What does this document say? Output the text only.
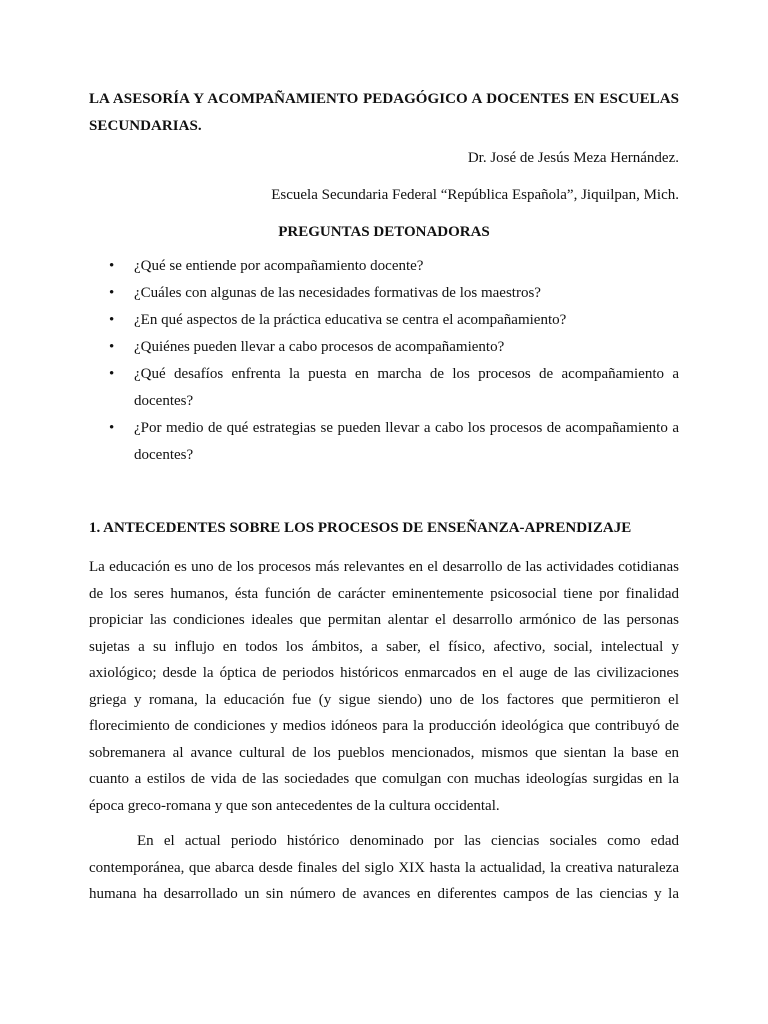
LA ASESORÍA Y ACOMPAÑAMIENTO PEDAGÓGICO A DOCENTES EN ESCUELAS SECUNDARIAS.
Dr. José de Jesús Meza Hernández.
Escuela Secundaria Federal “República Española”, Jiquilpan, Mich.
PREGUNTAS DETONADORAS
• ¿Qué se entiende por acompañamiento docente?
• ¿Cuáles con algunas de las necesidades formativas de los maestros?
• ¿En qué aspectos de la práctica educativa se centra el acompañamiento?
• ¿Quiénes pueden llevar a cabo procesos de acompañamiento?
• ¿Qué desafíos enfrenta la puesta en marcha de los procesos de acompañamiento a docentes?
• ¿Por medio de qué estrategias se pueden llevar a cabo los procesos de acompañamiento a docentes?
1. ANTECEDENTES SOBRE LOS PROCESOS DE ENSEÑANZA-APRENDIZAJE

La educación es uno de los procesos más relevantes en el desarrollo de las actividades cotidianas de los seres humanos, ésta función de carácter eminentemente psicosocial tiene por finalidad propiciar las condiciones ideales que permitan alentar el desarrollo armónico de las personas sujetas a su influjo en todos los ámbitos, a saber, el físico, afectivo, social, intelectual y axiológico; desde la óptica de periodos históricos enmarcados en el auge de las civilizaciones griega y romana, la educación fue (y sigue siendo) uno de los factores que permitieron el florecimiento de condiciones y medios idóneos para la producción ideológica que contribuyó de sobremanera al avance cultural de los pueblos mencionados, mismos que sientan la base en cuanto a estilos de vida de las sociedades que comulgan con muchas ideologías surgidas en la época greco-romana y que son antecedentes de la cultura occidental.

En el actual periodo histórico denominado por las ciencias sociales como edad contemporánea, que abarca desde finales del siglo XIX hasta la actualidad, la creativa naturaleza humana ha desarrollado un sin número de avances en diferentes campos de las ciencias y la
